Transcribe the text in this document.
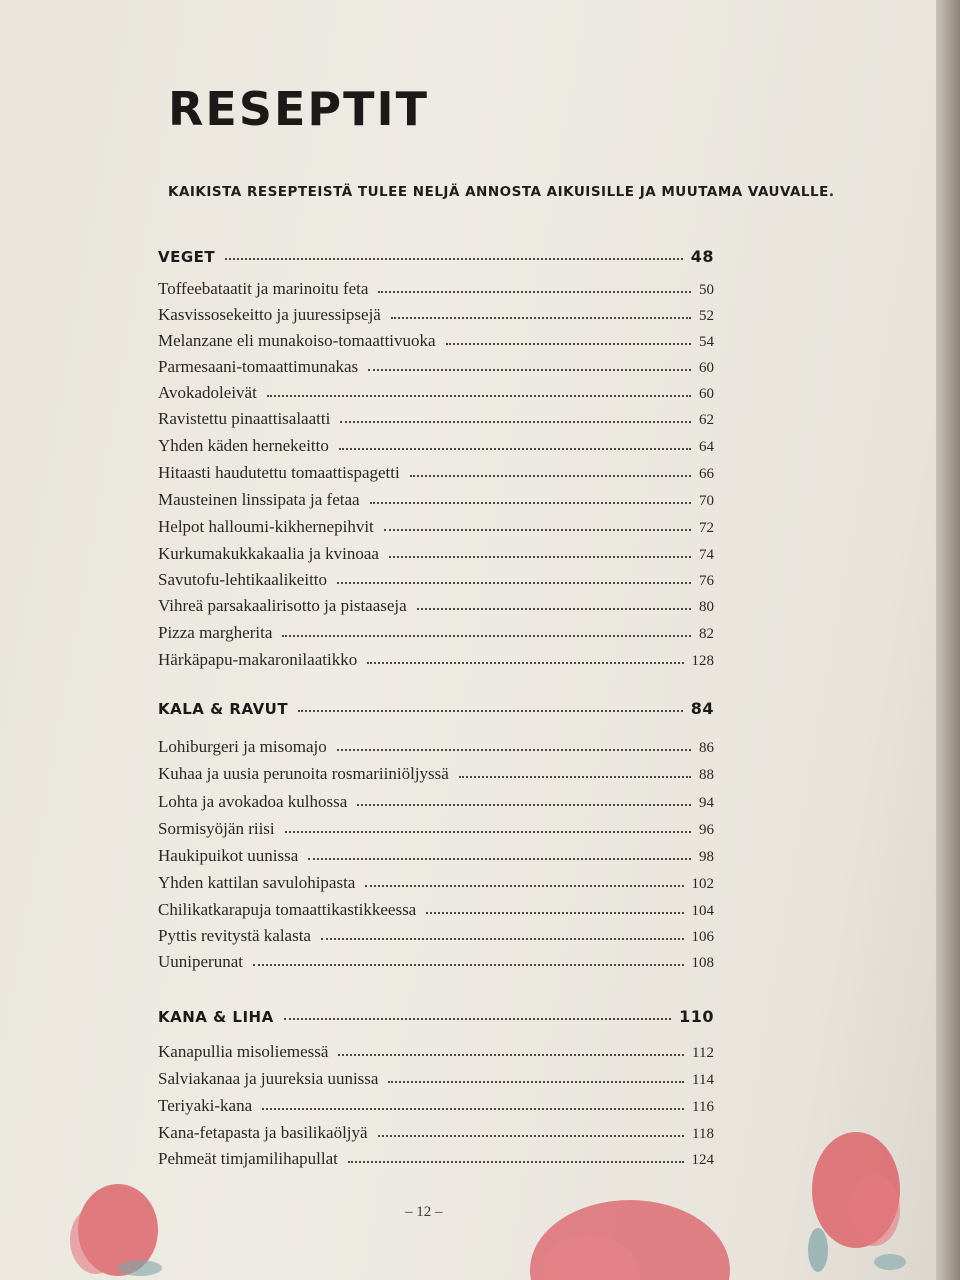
RESEPTIT
KAIKISTA RESEPTEISTÄ TULEE NELJÄ ANNOSTA AIKUISILLE JA MUUTAMA VAUVALLE.
VEGET	48
Toffeebataatit ja marinoitu feta	50
Kasvissosekeitto ja juuressipsejä	52
Melanzane eli munakoiso-tomaattivuoka	54
Parmesaani-tomaattimunakas	60
Avokadoleivät	60
Ravistettu pinaattisalaatti	62
Yhden käden hernekeitto	64
Hitaasti haudutettu tomaattispagetti	66
Mausteinen linssipata ja fetaa	70
Helpot halloumi-kikhernepihvit	72
Kurkumakukkakaalia ja kvinoaa	74
Savutofu-lehtikaalikeitto	76
Vihreä parsakaalirisotto ja pistaaseja	80
Pizza margherita	82
Härkäpapu-makaronilaatikko	128
KALA & RAVUT	84
Lohiburgeri ja misomajo	86
Kuhaa ja uusia perunoita rosmariiniöljyssä	88
Lohta ja avokadoa kulhossa	94
Sormisyöjän riisi	96
Haukipuikot uunissa	98
Yhden kattilan savulohipasta	102
Chilikatkarapuja tomaattikastikkeessa	104
Pyttis revitystä kalasta	106
Uuniperunat	108
KANA & LIHA	110
Kanapullia misoliemessä	112
Salviakanaa ja juureksia uunissa	114
Teriyaki-kana	116
Kana-fetapasta ja basilikaöljyä	118
Pehmeät timjamilihapullat	124
– 12 –
